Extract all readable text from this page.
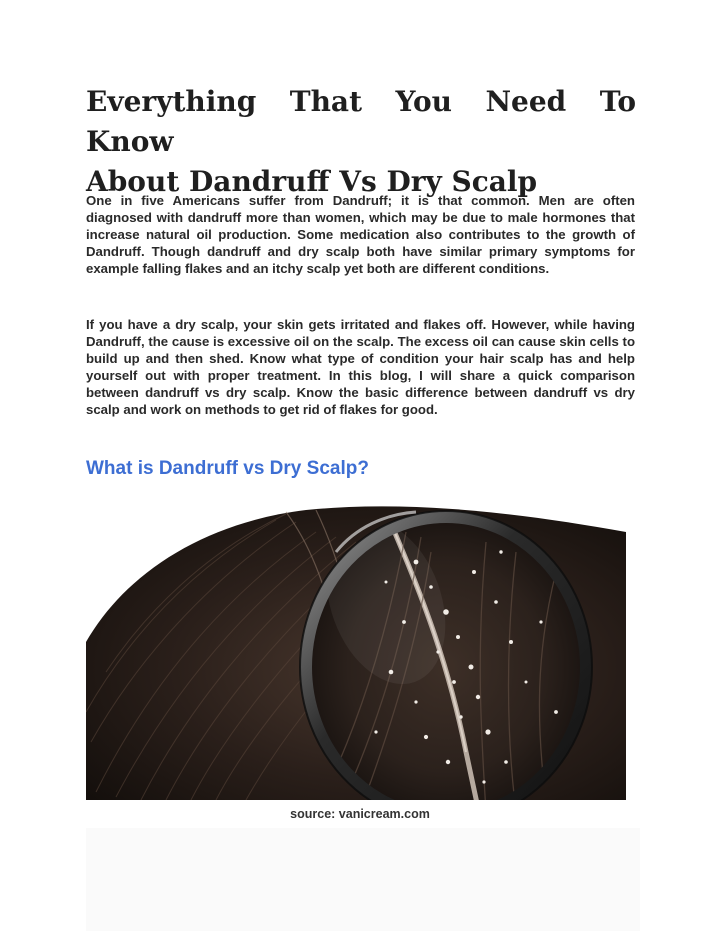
Everything That You Need To Know
About Dandruff Vs Dry Scalp

One in five Americans suffer from Dandruff; it is that common. Men are often diagnosed with dandruff more than women, which may be due to male hormones that increase natural oil production. Some medication also contributes to the growth of Dandruff. Though dandruff and dry scalp both have similar primary symptoms for example falling flakes and an itchy scalp yet both are different conditions.

If you have a dry scalp, your skin gets irritated and flakes off. However, while having Dandruff, the cause is excessive oil on the scalp. The excess oil can cause skin cells to build up and then shed. Know what type of condition your hair scalp has and help yourself out with proper treatment. In this blog, I will share a quick comparison between dandruff vs dry scalp. Know the basic difference between dandruff vs dry scalp and work on methods to get rid of flakes for good.

What is Dandruff vs Dry Scalp?

source: vanicream.com
